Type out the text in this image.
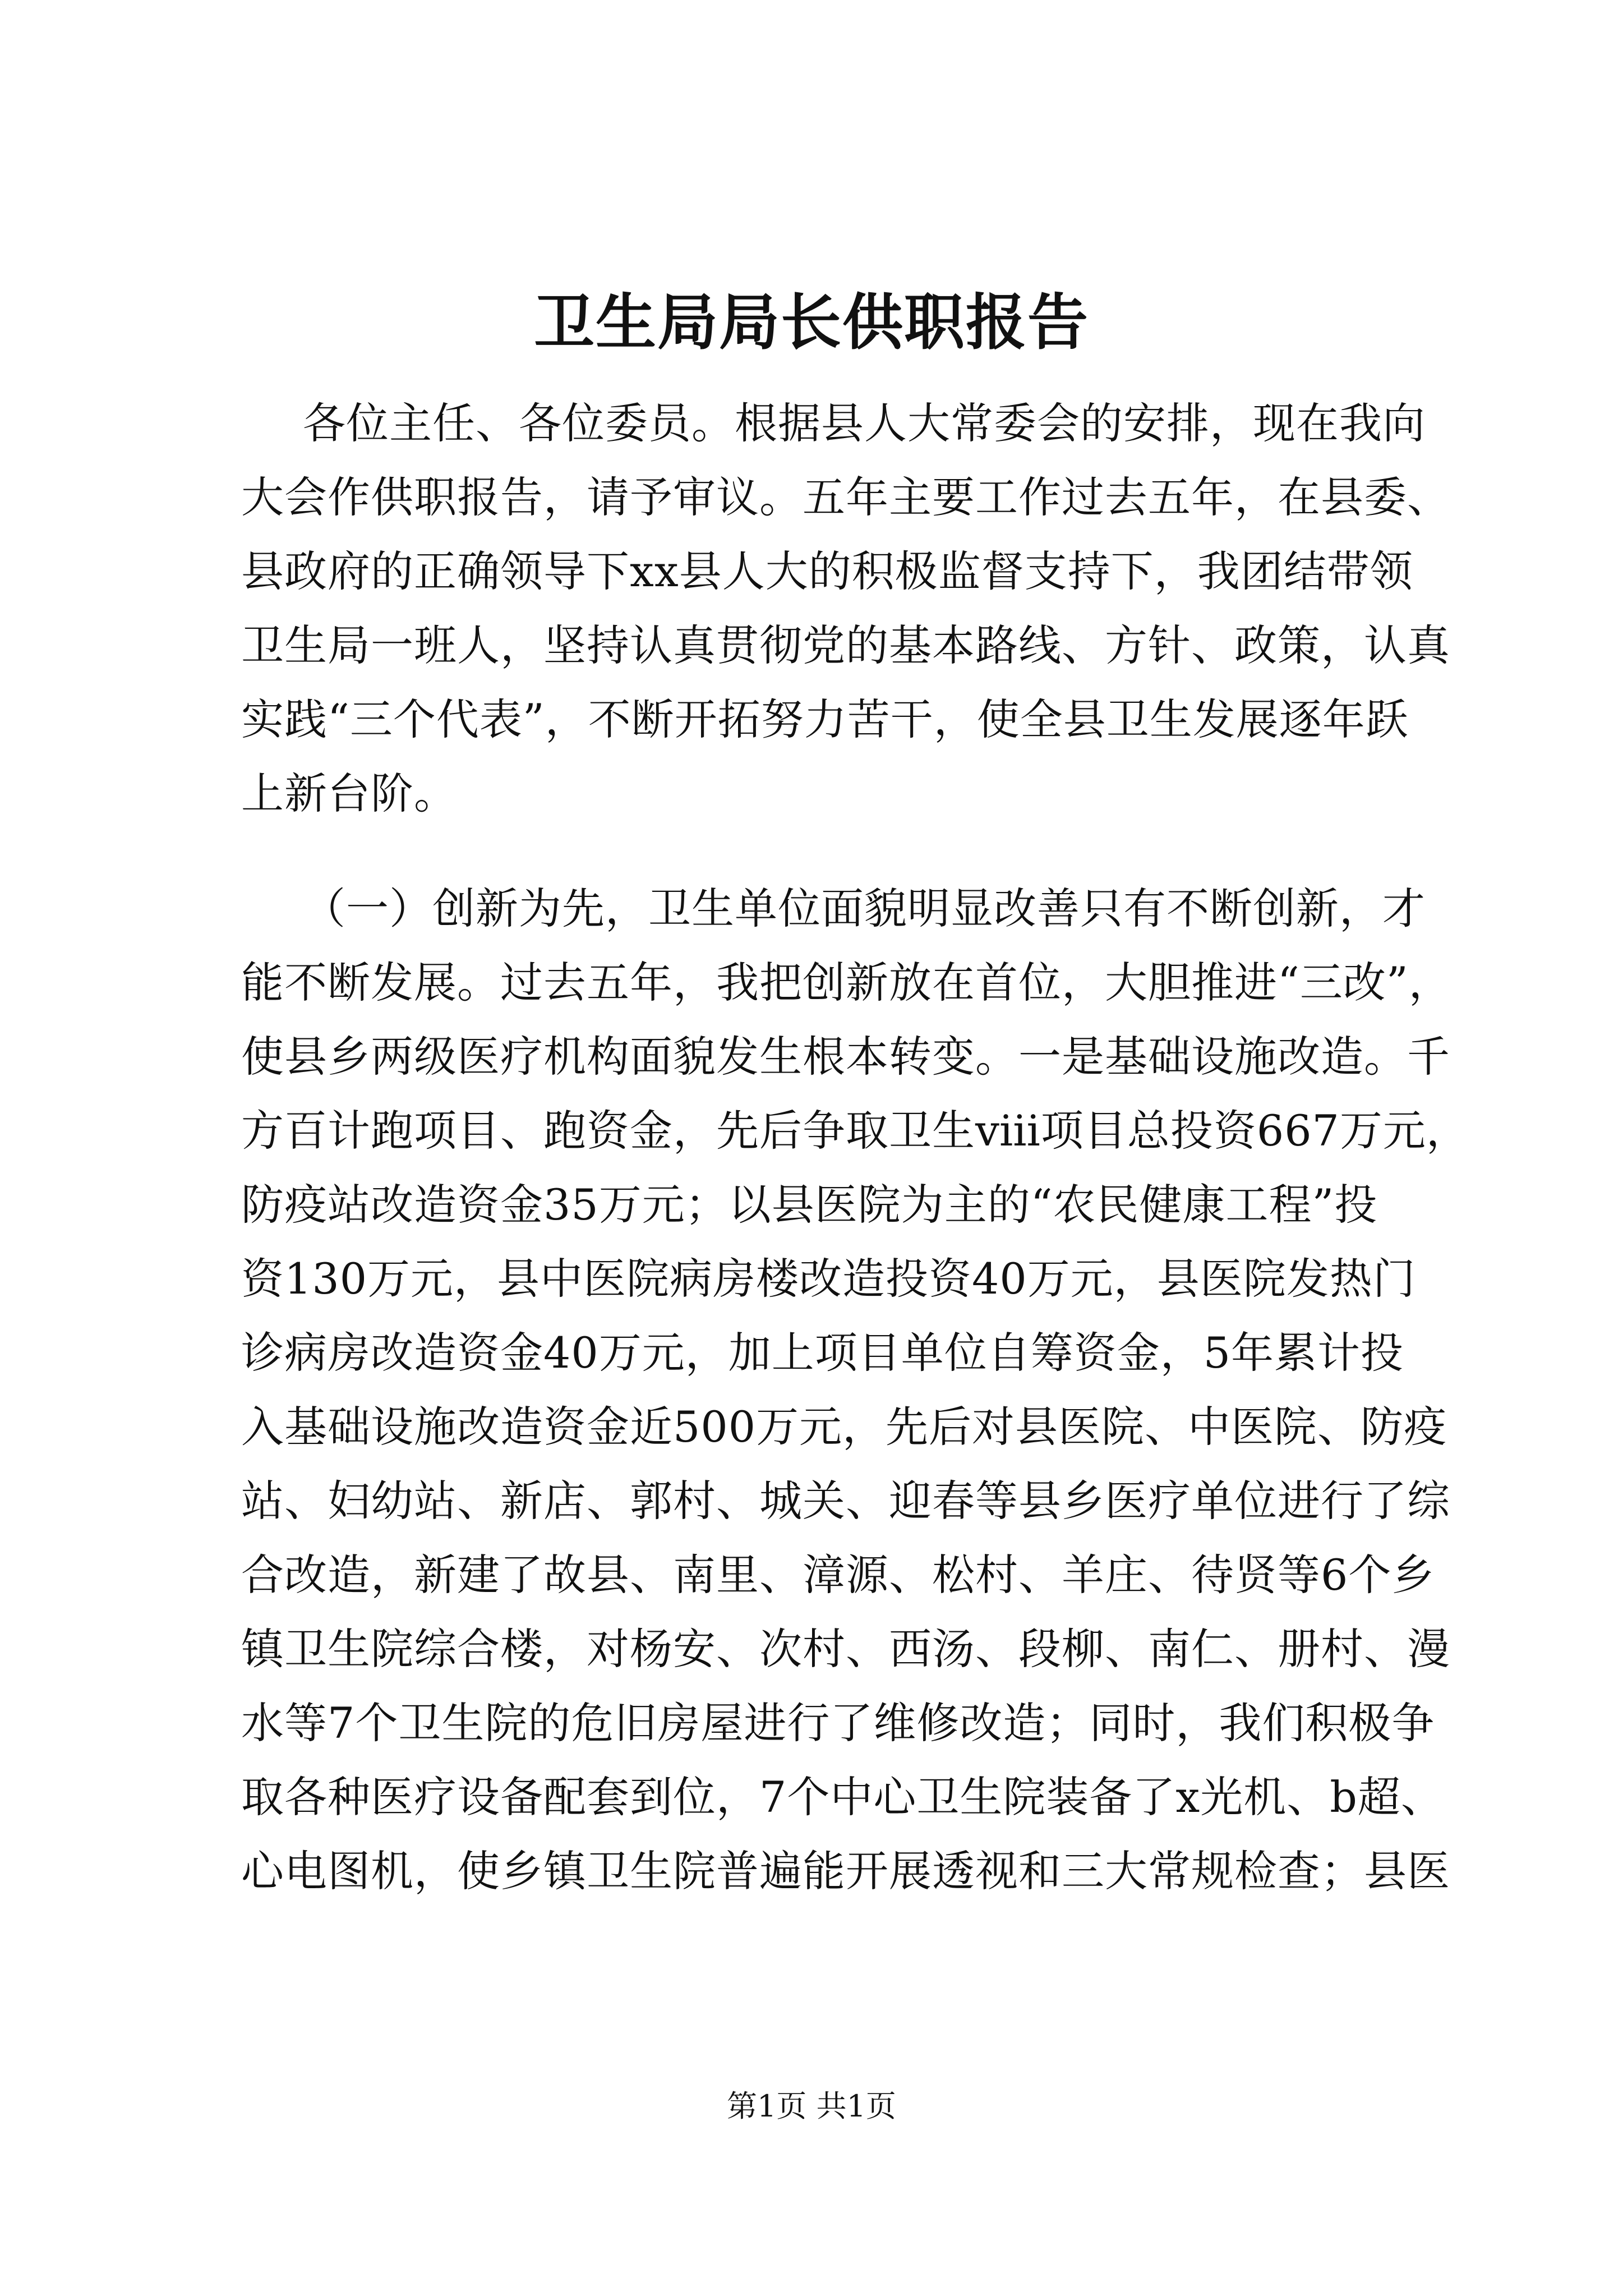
卫生局局长供职报告
各位主任、各位委员。根据县人大常委会的安排，现在我向
大会作供职报告，请予审议。五年主要工作过去五年，在县委、
县政府的正确领导下xx县人大的积极监督支持下，我团结带领
卫生局一班人，坚持认真贯彻党的基本路线、方针、政策，认真
实践“三个代表”，不断开拓努力苦干，使全县卫生发展逐年跃
上新台阶。
（一）创新为先，卫生单位面貌明显改善只有不断创新，才
能不断发展。过去五年，我把创新放在首位，大胆推进“三改”，
使县乡两级医疗机构面貌发生根本转变。一是基础设施改造。千
方百计跑项目、跑资金，先后争取卫生ⅷ项目总投资667万元，
防疫站改造资金35万元；以县医院为主的“农民健康工程”投
资130万元，县中医院病房楼改造投资40万元，县医院发热门
诊病房改造资金40万元，加上项目单位自筹资金，5年累计投
入基础设施改造资金近500万元，先后对县医院、中医院、防疫
站、妇幼站、新店、郭村、城关、迎春等县乡医疗单位进行了综
合改造，新建了故县、南里、漳源、松村、羊庄、待贤等6个乡
镇卫生院综合楼，对杨安、次村、西汤、段柳、南仁、册村、漫
水等7个卫生院的危旧房屋进行了维修改造；同时，我们积极争
取各种医疗设备配套到位，7个中心卫生院装备了x光机、b超、
心电图机，使乡镇卫生院普遍能开展透视和三大常规检查；县医
第1页 共1页
